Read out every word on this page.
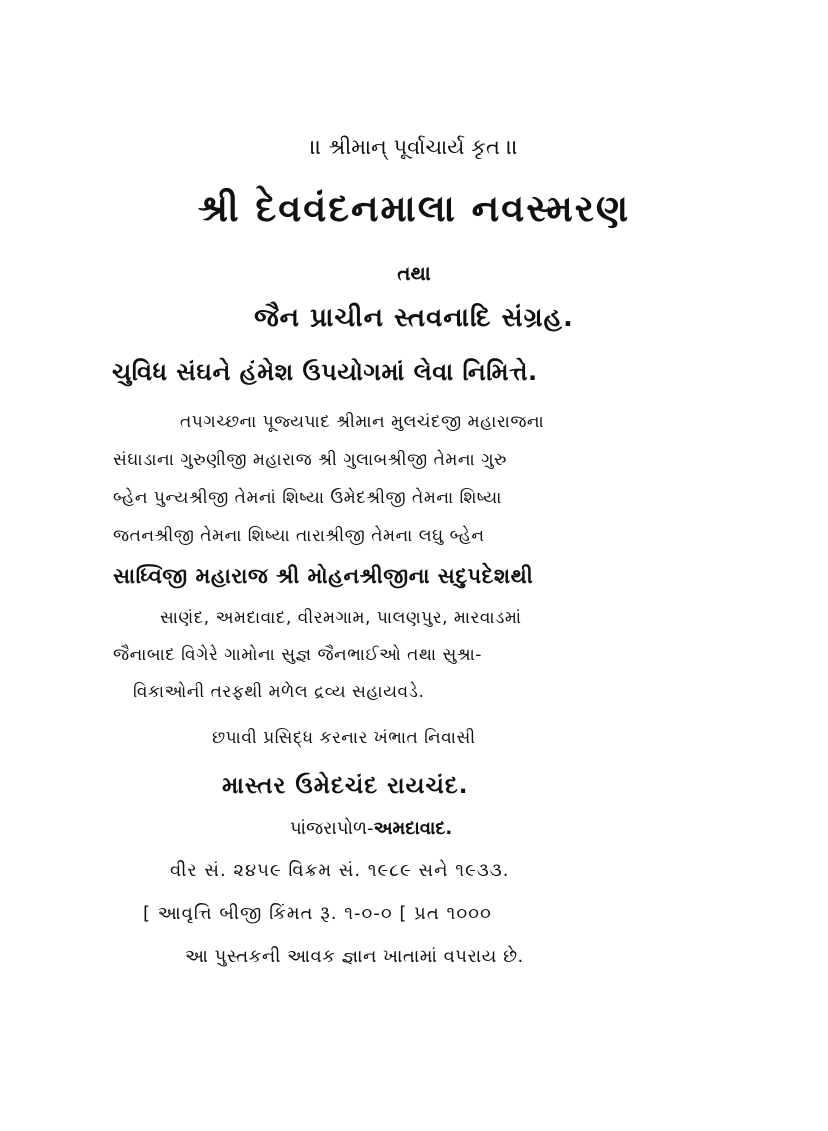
।। શ્રીમાન્ પૂર્વાચાર્ય કૃત ।।
શ્રી દેવવંદનમાલા નવસ્મરણ
તથા
જૈન પ્રાચીન સ્તવનાદિ સંગ્રહ.
ચુવિધ સંઘને હંમેશ ઉપયોગમાં લેવા નિમિત્તે.
તપગચ્છના પૂજ્યપાદ શ્રીમાન મુલચંદજી મહારાજના
સંઘાડાના ગુરુણીજી મહારાજ શ્રી ગુલાબશ્રીજી તેમના ગુરુ
બ્હેન પુન્યશ્રીજી તેમનાં શિષ્યા ઉમેદશ્રીજી તેમના શિષ્યા
જતનશ્રીજી તેમના શિષ્યા તારાશ્રીજી તેમના લઘુ બ્હેન
સાધ્વિજી મહારાજ શ્રી મોહનશ્રીજીના સદુપદેશથી
સાણંદ, અમદાવાદ, વીરમગામ, પાલણપુર, મારવાડમાં
જૈનાબાદ વિગેરે ગામોના સુજ્ઞ જૈનભાઈઓ તથા સુશ્રા-
વિકાઓની તરફથી મળેલ દ્રવ્ય સહાયવડે.
છપાવી પ્રસિદ્ધ કરનાર ખંભાત નિવાસી
માસ્તર ઉમેદચંદ રાયચંદ.
પાંજરાપોળ-અમદાવાદ.
વીર સં. ૨૪૫૯ વિક્રમ સં. ૧૯૮૯ સને ૧૯૩૩.
[ આવૃત્તિ બીજી કિંમત રૂ. ૧-૦-૦ [ પ્રત ૧૦૦૦
આ પુસ્તકની આવક જ્ઞાન ખાતામાં વપરાય છે.
